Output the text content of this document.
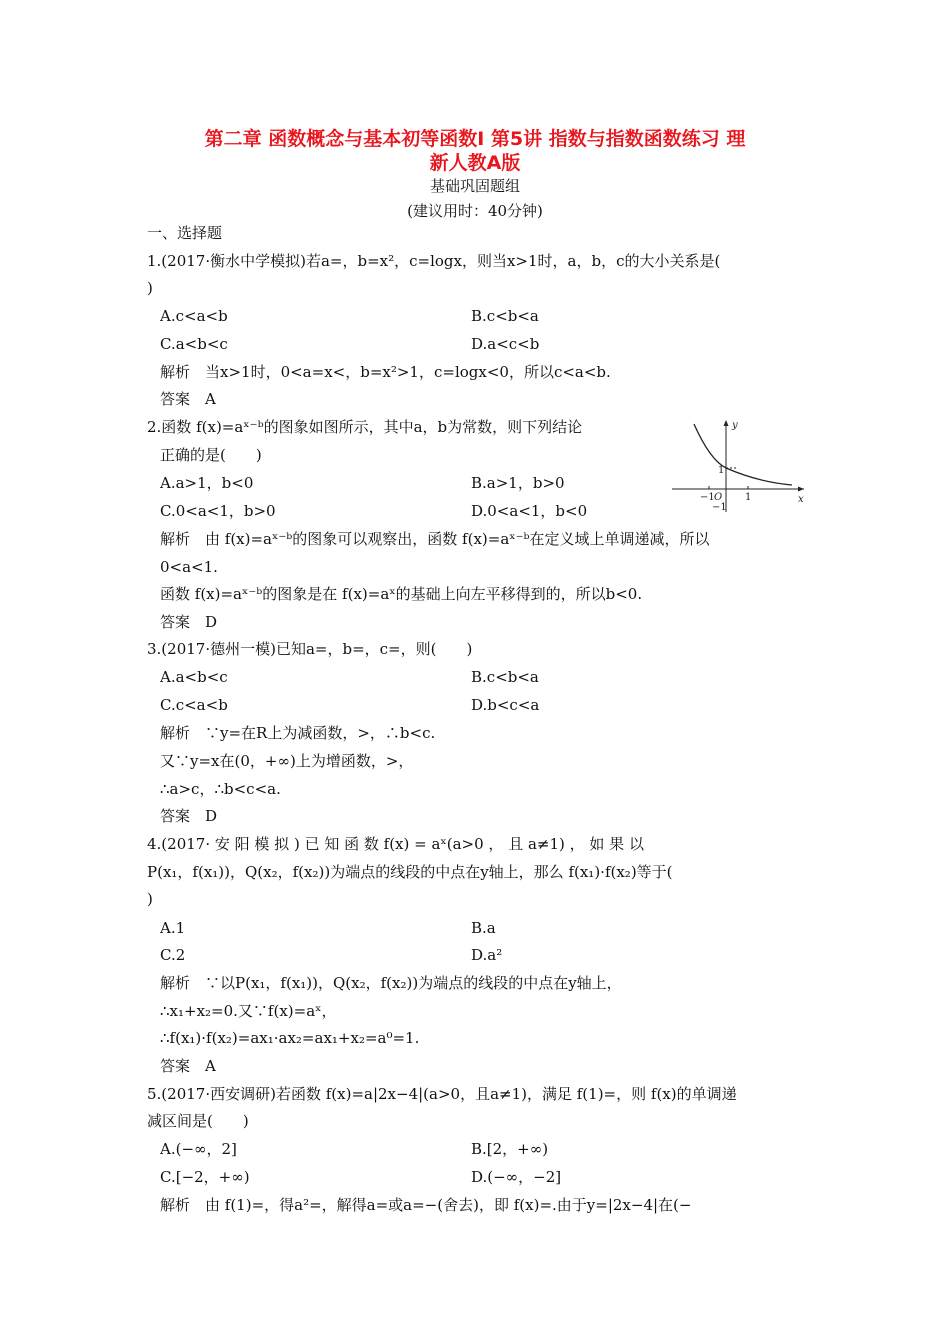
第二章 函数概念与基本初等函数Ⅰ 第5讲 指数与指数函数练习 理
新人教A版
基础巩固题组
(建议用时：40分钟)
一、选择题
1.(2017·衡水中学模拟)若a=，b=x²，c=logx，则当x>1时，a，b，c的大小关系是(
)
A.c<a<b	B.c<b<a
C.a<b<c	D.a<c<b
解析　当x>1时，0<a=x<，b=x²>1，c=logx<0，所以c<a<b.
答案　A
2.函数 f(x)=aˣ⁻ᵇ的图象如图所示，其中a，b为常数，则下列结论
正确的是(　　)
A.a>1，b<0	B.a>1，b>0
C.0<a<1，b>0	D.0<a<1，b<0
y
x
O
−1	1
1
−1
解析　由 f(x)=aˣ⁻ᵇ的图象可以观察出，函数 f(x)=aˣ⁻ᵇ在定义域上单调递减，所以
0<a<1.
函数 f(x)=aˣ⁻ᵇ的图象是在 f(x)=aˣ的基础上向左平移得到的，所以b<0.
答案　D
3.(2017·德州一模)已知a=，b=，c=，则(　　)
A.a<b<c	B.c<b<a
C.c<a<b	D.b<c<a
解析　∵y=在R上为减函数，>，∴b<c.
又∵y=x在(0，+∞)上为增函数，>，
∴a>c，∴b<c<a.
答案　D
4.(2017· 安 阳 模 拟 ) 已 知 函 数 f(x) = aˣ(a>0 ， 且 a≠1) ， 如 果 以
P(x₁，f(x₁))，Q(x₂，f(x₂))为端点的线段的中点在y轴上，那么 f(x₁)·f(x₂)等于(
)
A.1	B.a
C.2	D.a²
解析　∵以P(x₁，f(x₁))，Q(x₂，f(x₂))为端点的线段的中点在y轴上，
∴x₁+x₂=0.又∵f(x)=aˣ，
∴f(x₁)·f(x₂)=ax₁·ax₂=ax₁+x₂=a⁰=1.
答案　A
5.(2017·西安调研)若函数 f(x)=a|2x−4|(a>0，且a≠1)，满足 f(1)=，则 f(x)的单调递
减区间是(　　)
A.(−∞，2]	B.[2，+∞)
C.[−2，+∞)	D.(−∞，−2]
解析　由 f(1)=，得a²=，解得a=或a=−(舍去)，即 f(x)=.由于y=|2x−4|在(−
